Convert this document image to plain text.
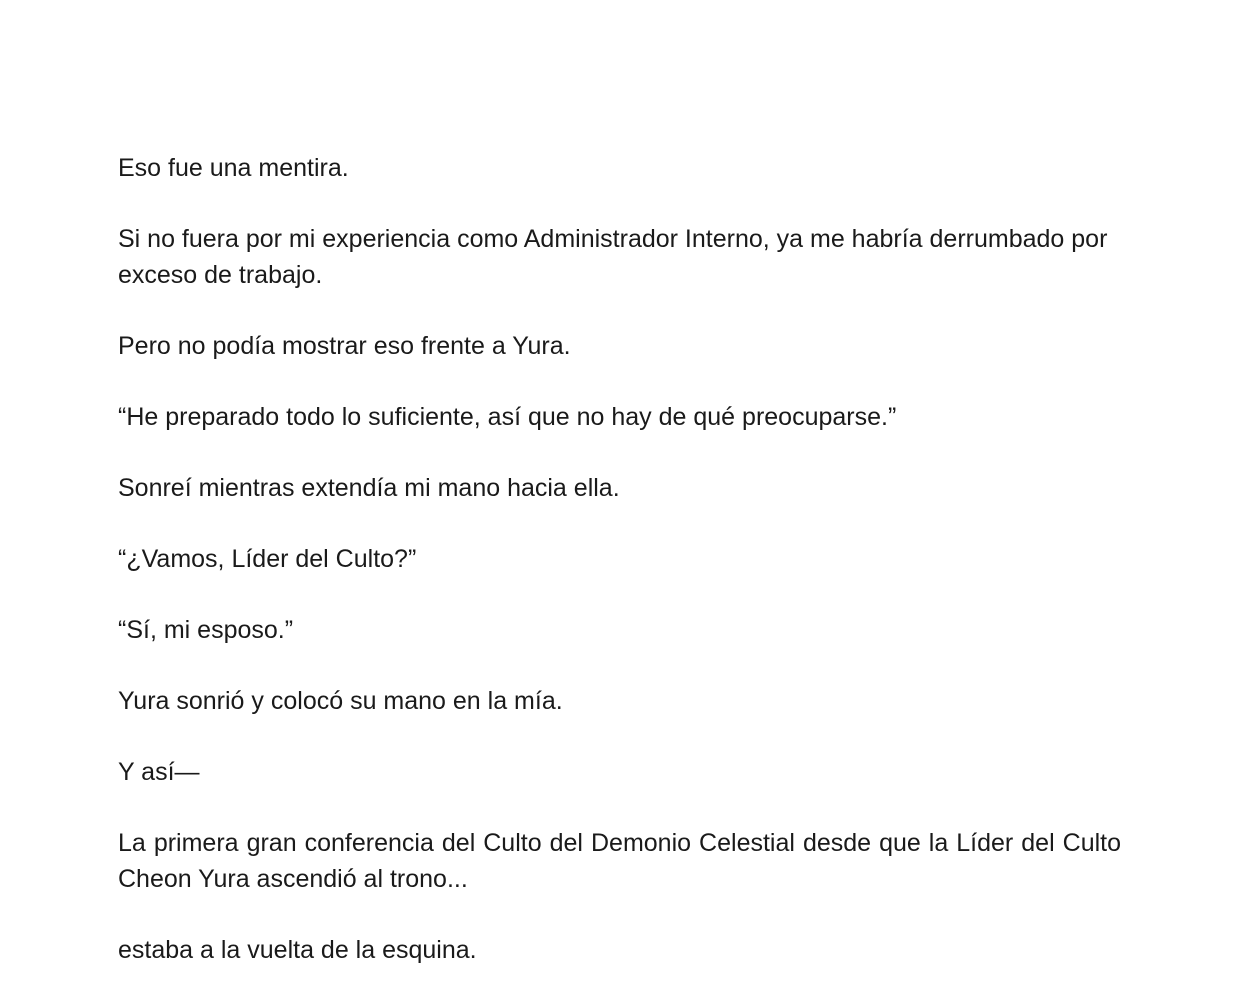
Eso fue una mentira.

Si no fuera por mi experiencia como Administrador Interno, ya me habría derrumbado por exceso de trabajo.

Pero no podía mostrar eso frente a Yura.

“He preparado todo lo suficiente, así que no hay de qué preocuparse.”

Sonreí mientras extendía mi mano hacia ella.

“¿Vamos, Líder del Culto?”

“Sí, mi esposo.”

Yura sonrió y colocó su mano en la mía.

Y así—

La primera gran conferencia del Culto del Demonio Celestial desde que la Líder del Culto Cheon Yura ascendió al trono...

estaba a la vuelta de la esquina.
